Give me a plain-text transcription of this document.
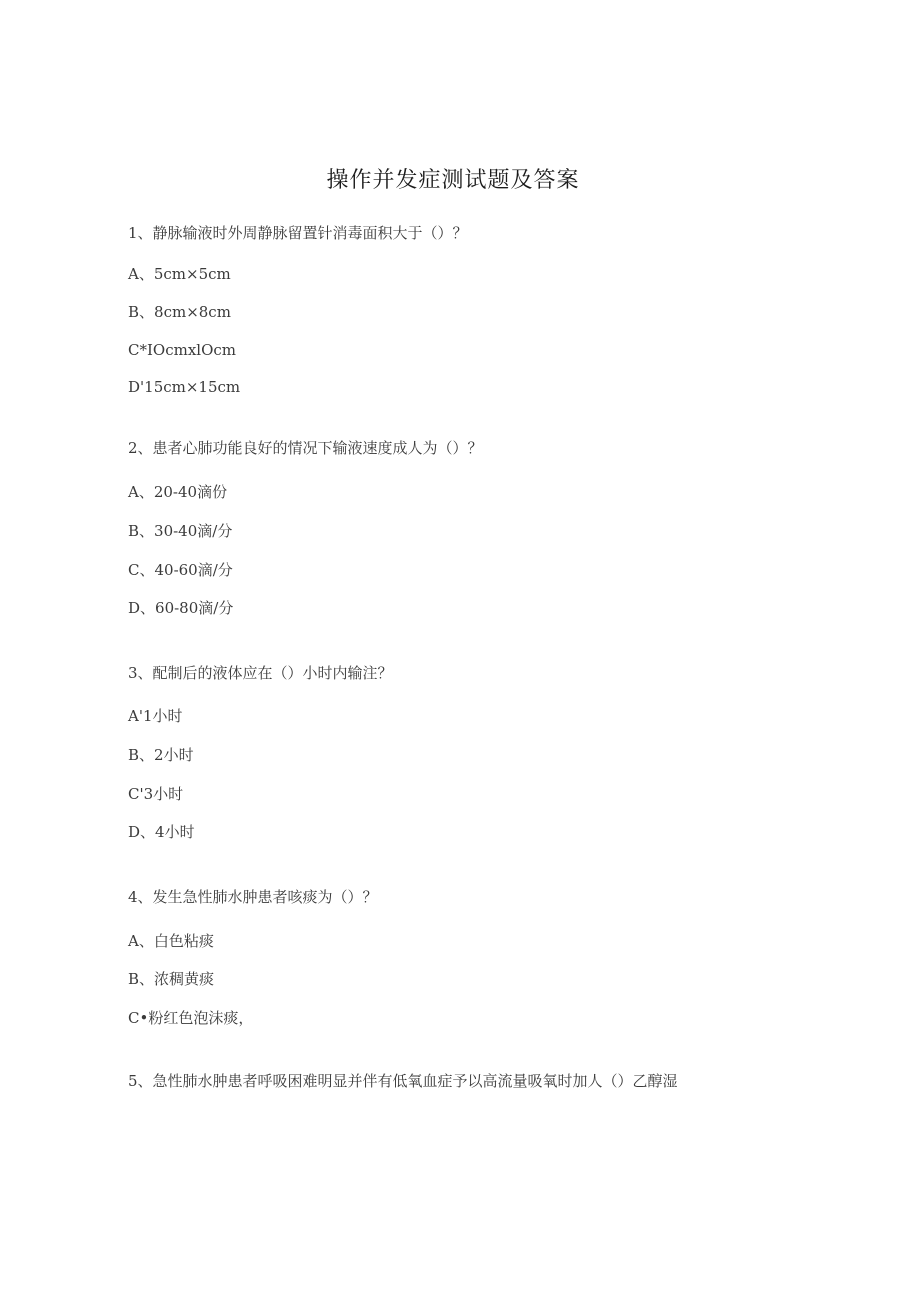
操作并发症测试题及答案
1、静脉输液时外周静脉留置针消毒面积大于（）？
A、5cm×5cm
B、8cm×8cm
C*IOcmxlOcm
D'15cm×15cm
2、患者心肺功能良好的情况下输液速度成人为（）？
A、20-40滴份
B、30-40滴/分
C、40-60滴/分
D、60-80滴/分
3、配制后的液体应在（）小时内输注？
A'1小时
B、2小时
C'3小时
D、4小时
4、发生急性肺水肿患者咳痰为（）？
A、白色粘痰
B、浓稠黄痰
C•粉红色泡沫痰，
5、急性肺水肿患者呼吸困难明显并伴有低氧血症予以高流量吸氧时加人（）乙醇湿
